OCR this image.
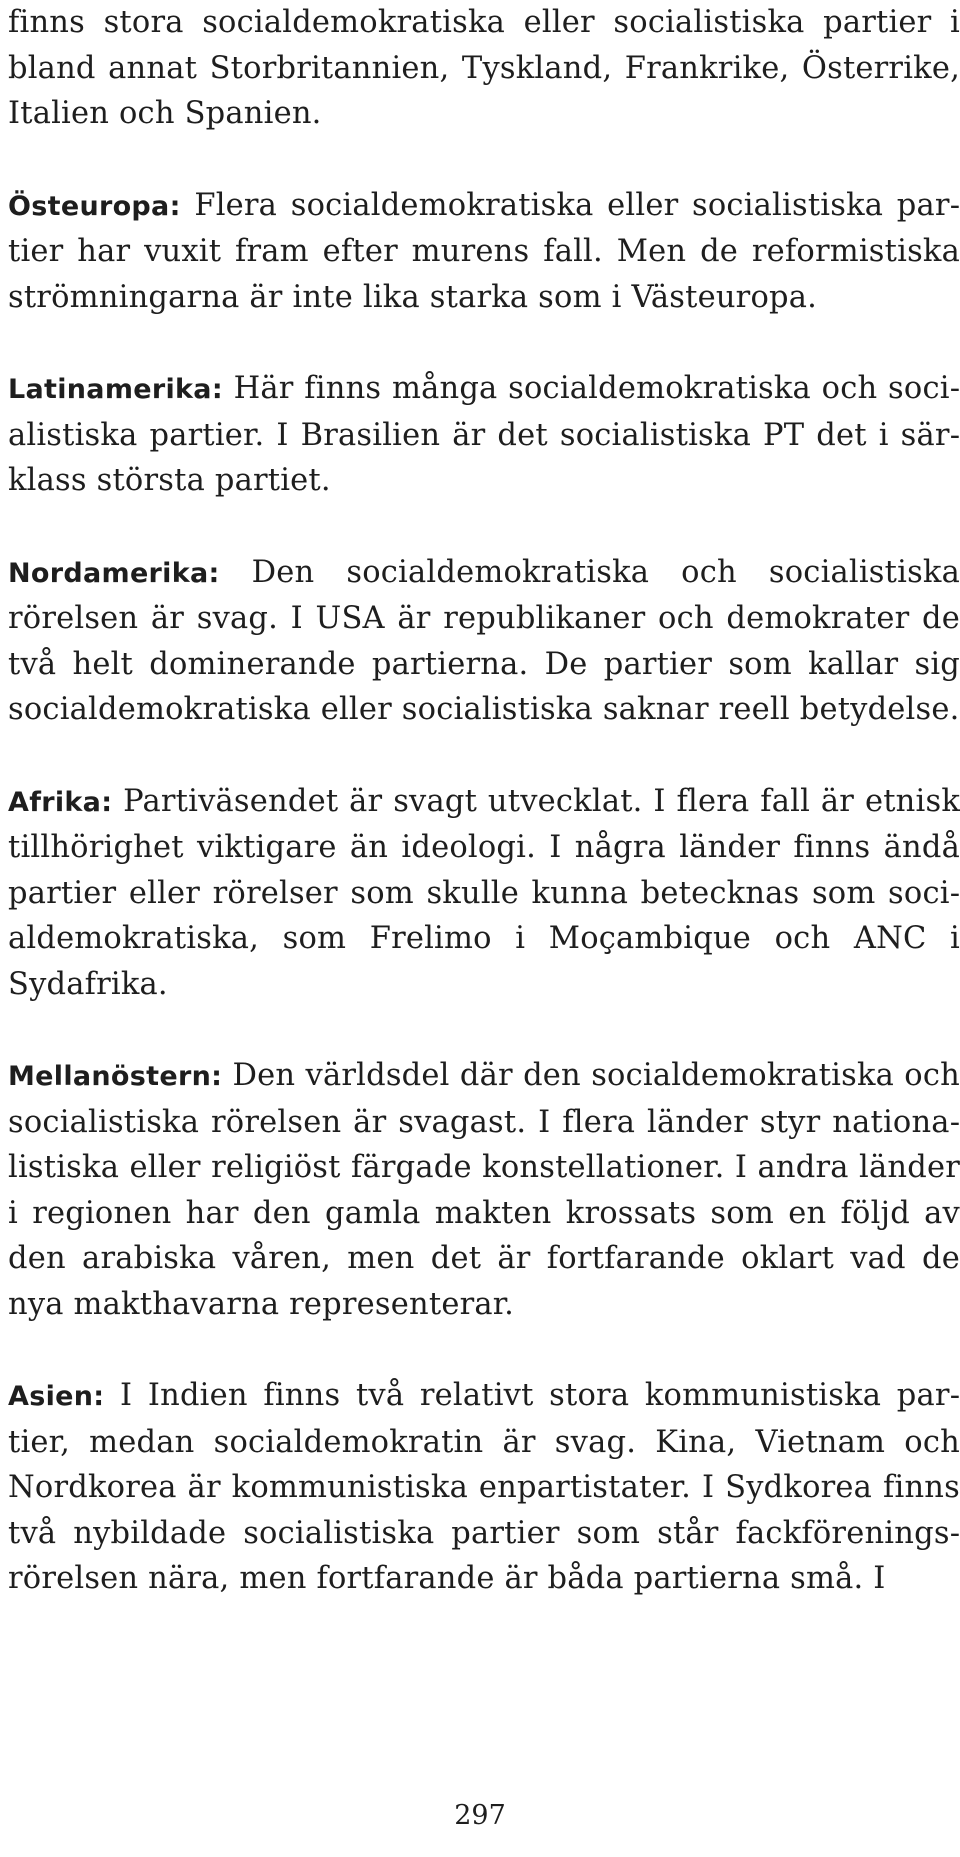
finns stora socialdemokratiska eller socialistiska partier i bland annat Storbritannien, Tyskland, Frankrike, Österrike, Italien och Spanien.

Östeuropa: Flera socialdemokratiska eller socialistiska partier har vuxit fram efter murens fall. Men de reformistiska strömningarna är inte lika starka som i Västeuropa.

Latinamerika: Här finns många socialdemokratiska och socialistiska partier. I Brasilien är det socialistiska PT det i särklass största partiet.

Nordamerika: Den socialdemokratiska och socialistiska rörelsen är svag. I USA är republikaner och demokrater de två helt dominerande partierna. De partier som kallar sig socialdemokratiska eller socialistiska saknar reell betydelse.

Afrika: Partiväsendet är svagt utvecklat. I flera fall är etnisk tillhörighet viktigare än ideologi. I några länder finns ändå partier eller rörelser som skulle kunna betecknas som socialdemokratiska, som Frelimo i Moçambique och ANC i Sydafrika.

Mellanöstern: Den världsdel där den socialdemokratiska och socialistiska rörelsen är svagast. I flera länder styr nationalistiska eller religiöst färgade konstellationer. I andra länder i regionen har den gamla makten krossats som en följd av den arabiska våren, men det är fortfarande oklart vad de nya makthavarna representerar.

Asien: I Indien finns två relativt stora kommunistiska partier, medan socialdemokratin är svag. Kina, Vietnam och Nordkorea är kommunistiska enpartistater. I Sydkorea finns två nybildade socialistiska partier som står fackföreningsrörelsen nära, men fortfarande är båda partierna små. I

297
